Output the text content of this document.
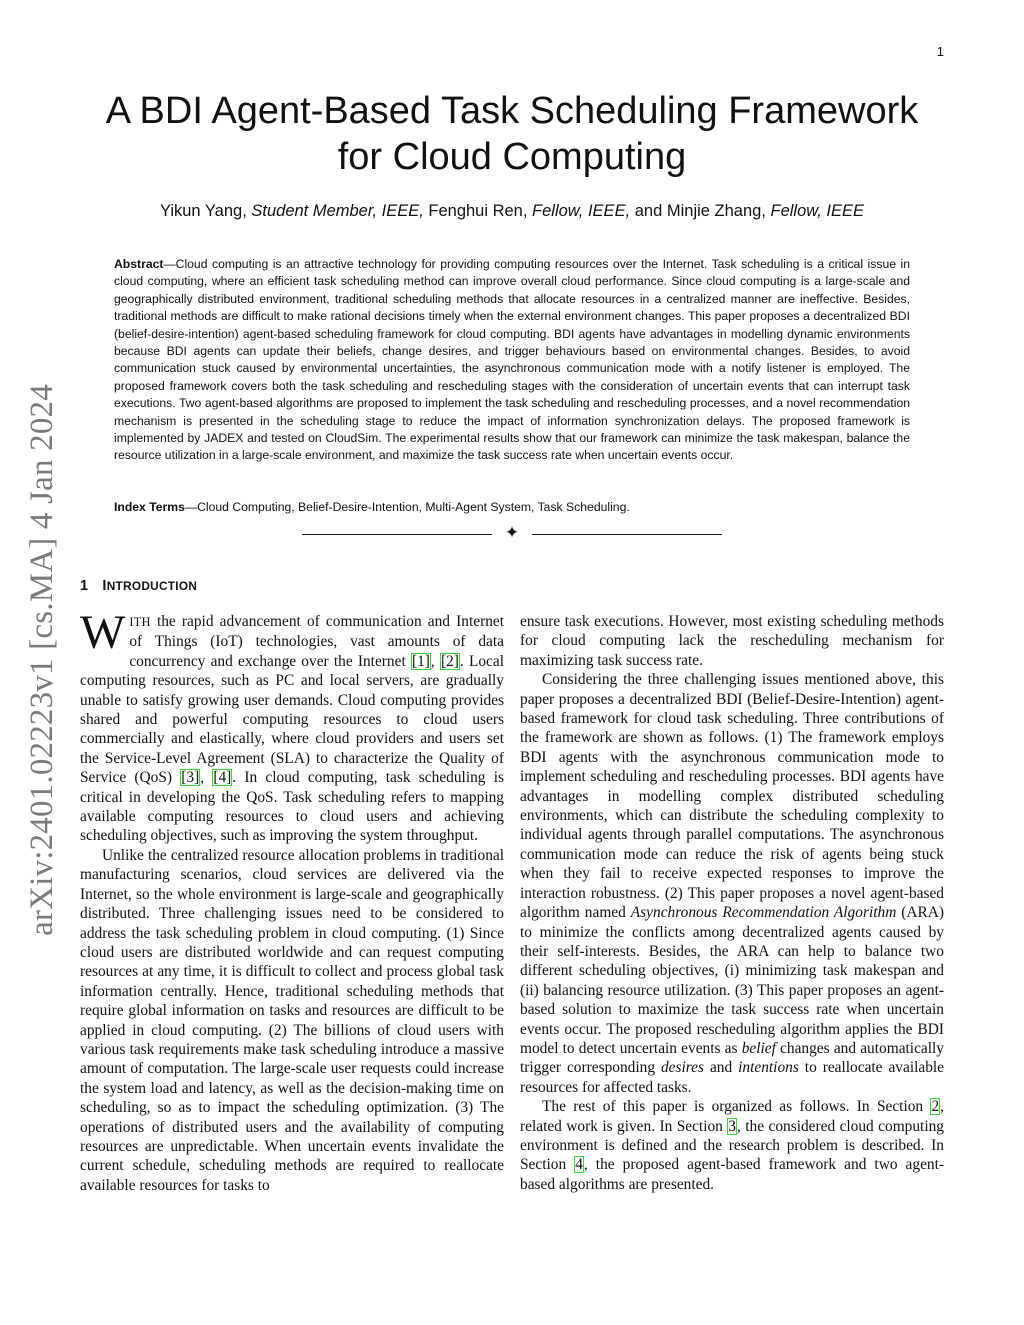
1
arXiv:2401.02223v1 [cs.MA] 4 Jan 2024
A BDI Agent-Based Task Scheduling Framework
for Cloud Computing
Yikun Yang, Student Member, IEEE, Fenghui Ren, Fellow, IEEE, and Minjie Zhang, Fellow, IEEE
Abstract—Cloud computing is an attractive technology for providing computing resources over the Internet. Task scheduling is a critical issue in cloud computing, where an efficient task scheduling method can improve overall cloud performance. Since cloud computing is a large-scale and geographically distributed environment, traditional scheduling methods that allocate resources in a centralized manner are ineffective. Besides, traditional methods are difficult to make rational decisions timely when the external environment changes. This paper proposes a decentralized BDI (belief-desire-intention) agent-based scheduling framework for cloud computing. BDI agents have advantages in modelling dynamic environments because BDI agents can update their beliefs, change desires, and trigger behaviours based on environmental changes. Besides, to avoid communication stuck caused by environmental uncertainties, the asynchronous communication mode with a notify listener is employed. The proposed framework covers both the task scheduling and rescheduling stages with the consideration of uncertain events that can interrupt task executions. Two agent-based algorithms are proposed to implement the task scheduling and rescheduling processes, and a novel recommendation mechanism is presented in the scheduling stage to reduce the impact of information synchronization delays. The proposed framework is implemented by JADEX and tested on CloudSim. The experimental results show that our framework can minimize the task makespan, balance the resource utilization in a large-scale environment, and maximize the task success rate when uncertain events occur.
Index Terms—Cloud Computing, Belief-Desire-Intention, Multi-Agent System, Task Scheduling.
✦
1 INTRODUCTION

WITH the rapid advancement of communication and Internet of Things (IoT) technologies, vast amounts of data concurrency and exchange over the Internet [1], [2]. Local computing resources, such as PC and local servers, are gradually unable to satisfy growing user demands. Cloud computing provides shared and powerful computing resources to cloud users commercially and elastically, where cloud providers and users set the Service-Level Agreement (SLA) to characterize the Quality of Service (QoS) [3], [4]. In cloud computing, task scheduling is critical in developing the QoS. Task scheduling refers to mapping available computing resources to cloud users and achieving scheduling objectives, such as improving the system throughput.

Unlike the centralized resource allocation problems in traditional manufacturing scenarios, cloud services are delivered via the Internet, so the whole environment is large-scale and geographically distributed. Three challenging issues need to be considered to address the task scheduling problem in cloud computing. (1) Since cloud users are distributed worldwide and can request computing resources at any time, it is difficult to collect and process global task information centrally. Hence, traditional scheduling methods that require global information on tasks and resources are difficult to be applied in cloud computing. (2) The billions of cloud users with various task requirements make task scheduling introduce a massive amount of computation. The large-scale user requests could increase the system load and latency, as well as the decision-making time on scheduling, so as to impact the scheduling optimization. (3) The operations of distributed users and the availability of computing resources are unpredictable. When uncertain events invalidate the current schedule, scheduling methods are required to reallocate available resources for tasks to

ensure task executions. However, most existing scheduling methods for cloud computing lack the rescheduling mechanism for maximizing task success rate.

Considering the three challenging issues mentioned above, this paper proposes a decentralized BDI (Belief-Desire-Intention) agent-based framework for cloud task scheduling. Three contributions of the framework are shown as follows. (1) The framework employs BDI agents with the asynchronous communication mode to implement scheduling and rescheduling processes. BDI agents have advantages in modelling complex distributed scheduling environments, which can distribute the scheduling complexity to individual agents through parallel computations. The asynchronous communication mode can reduce the risk of agents being stuck when they fail to receive expected responses to improve the interaction robustness. (2) This paper proposes a novel agent-based algorithm named Asynchronous Recommendation Algorithm (ARA) to minimize the conflicts among decentralized agents caused by their self-interests. Besides, the ARA can help to balance two different scheduling objectives, (i) minimizing task makespan and (ii) balancing resource utilization. (3) This paper proposes an agent-based solution to maximize the task success rate when uncertain events occur. The proposed rescheduling algorithm applies the BDI model to detect uncertain events as belief changes and automatically trigger corresponding desires and intentions to reallocate available resources for affected tasks.

The rest of this paper is organized as follows. In Section 2, related work is given. In Section 3, the considered cloud computing environment is defined and the research problem is described. In Section 4, the proposed agent-based framework and two agent-based algorithms are presented.
